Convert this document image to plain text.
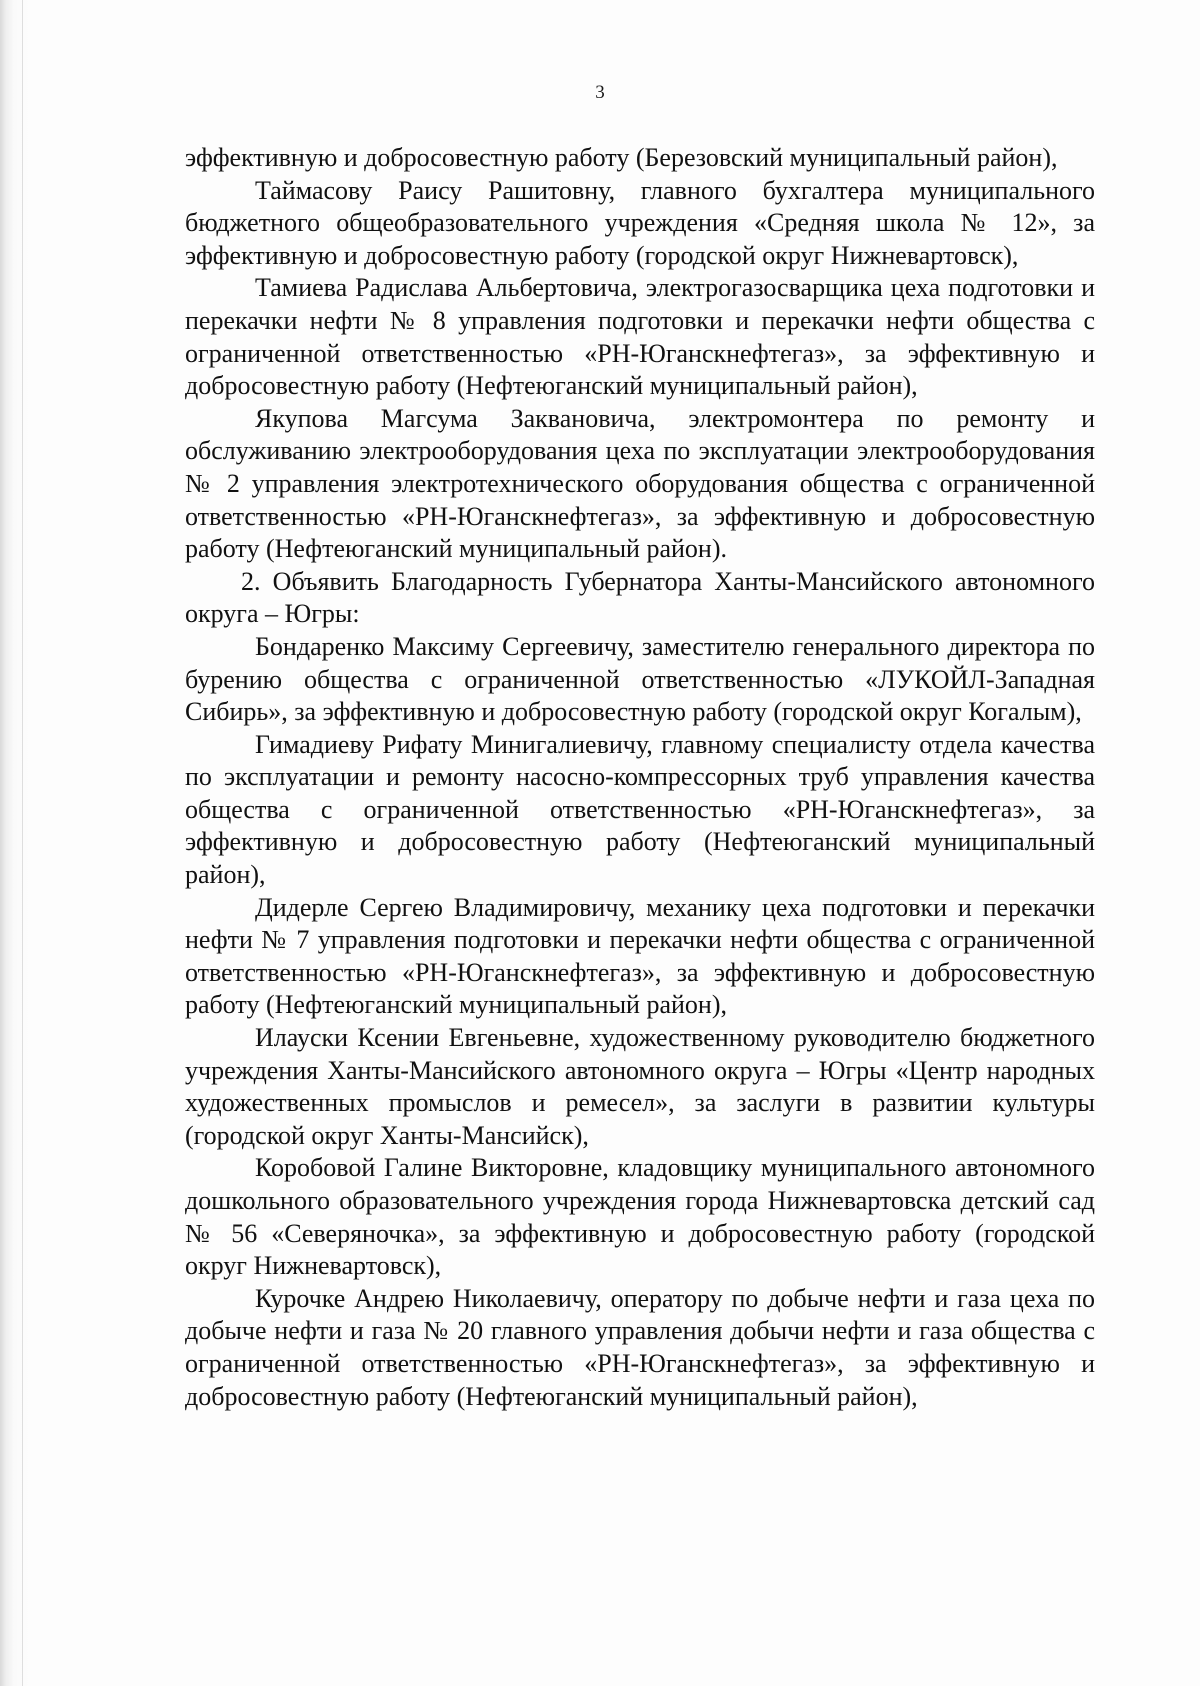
3

эффективную и добросовестную работу (Березовский муниципальный район),

Таймасову Раису Рашитовну, главного бухгалтера муниципального бюджетного общеобразовательного учреждения «Средняя школа № 12», за эффективную и добросовестную работу (городской округ Нижневартовск),

Тамиева Радислава Альбертовича, электрогазосварщика цеха подготовки и перекачки нефти № 8 управления подготовки и перекачки нефти общества с ограниченной ответственностью «РН-Юганскнефтегаз», за эффективную и добросовестную работу (Нефтеюганский муниципальный район),

Якупова Магсума Заквановича, электромонтера по ремонту и обслуживанию электрооборудования цеха по эксплуатации электрооборудования № 2 управления электротехнического оборудования общества с ограниченной ответственностью «РН-Юганскнефтегаз», за эффективную и добросовестную работу (Нефтеюганский муниципальный район).

2. Объявить Благодарность Губернатора Ханты-Мансийского автономного округа – Югры:

Бондаренко Максиму Сергеевичу, заместителю генерального директора по бурению общества с ограниченной ответственностью «ЛУКОЙЛ-Западная Сибирь», за эффективную и добросовестную работу (городской округ Когалым),

Гимадиеву Рифату Минигалиевичу, главному специалисту отдела качества по эксплуатации и ремонту насосно-компрессорных труб управления качества общества с ограниченной ответственностью «РН-Юганскнефтегаз», за эффективную и добросовестную работу (Нефтеюганский муниципальный район),

Дидерле Сергею Владимировичу, механику цеха подготовки и перекачки нефти № 7 управления подготовки и перекачки нефти общества с ограниченной ответственностью «РН-Юганскнефтегаз», за эффективную и добросовестную работу (Нефтеюганский муниципальный район),

Илауски Ксении Евгеньевне, художественному руководителю бюджетного учреждения Ханты-Мансийского автономного округа – Югры «Центр народных художественных промыслов и ремесел», за заслуги в развитии культуры (городской округ Ханты-Мансийск),

Коробовой Галине Викторовне, кладовщику муниципального автономного дошкольного образовательного учреждения города Нижневартовска детский сад № 56 «Северяночка», за эффективную и добросовестную работу (городской округ Нижневартовск),

Курочке Андрею Николаевичу, оператору по добыче нефти и газа цеха по добыче нефти и газа № 20 главного управления добычи нефти и газа общества с ограниченной ответственностью «РН-Юганскнефтегаз», за эффективную и добросовестную работу (Нефтеюганский муниципальный район),
